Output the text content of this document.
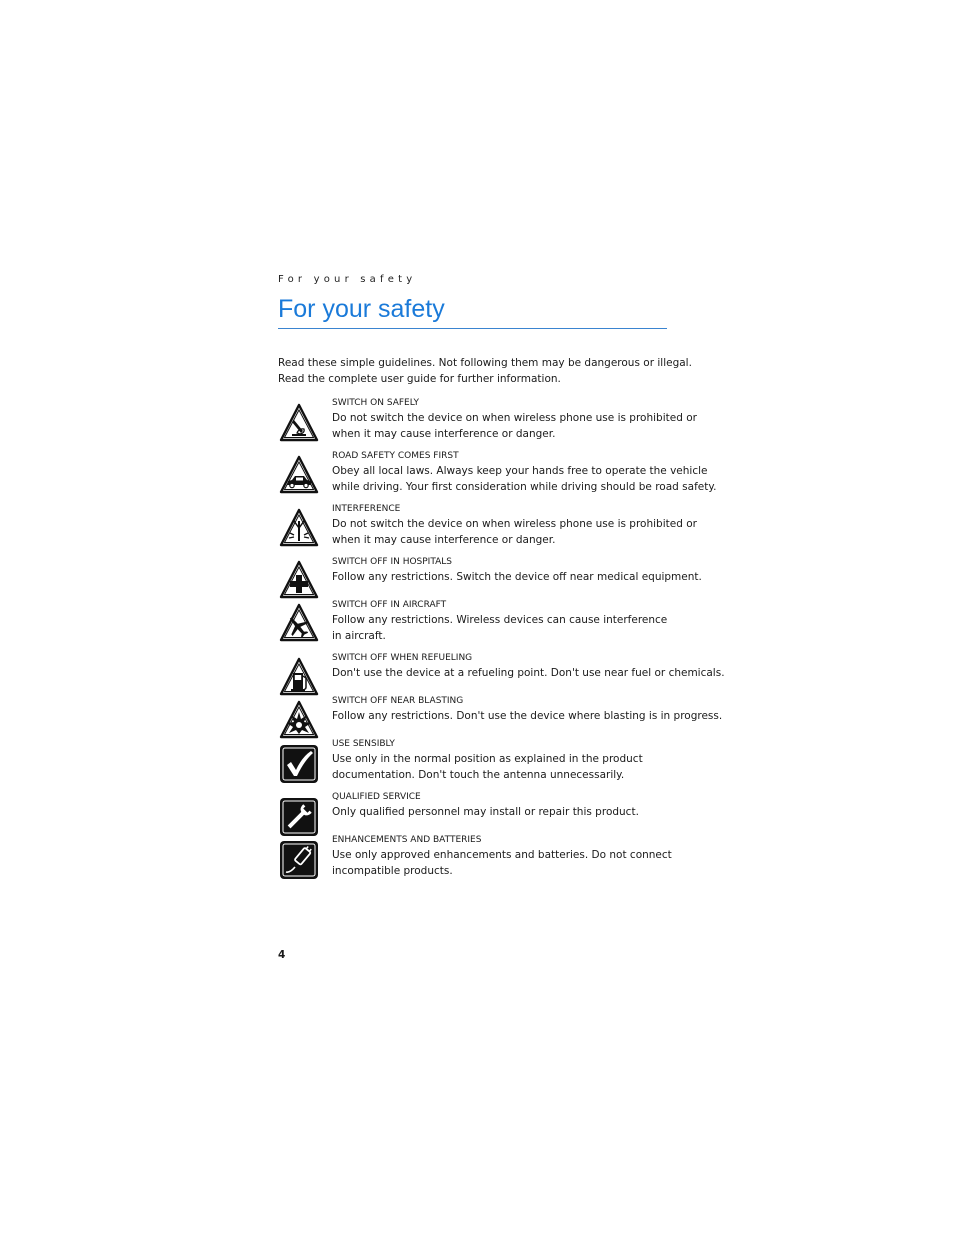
For your safety
For your safety

Read these simple guidelines. Not following them may be dangerous or illegal.

Read the complete user guide for further information.

SWITCH ON SAFELY
Do not switch the device on when wireless phone use is prohibited or
when it may cause interference or danger.
ROAD SAFETY COMES FIRST
Obey all local laws. Always keep your hands free to operate the vehicle
while driving. Your first consideration while driving should be road safety.
INTERFERENCE
Do not switch the device on when wireless phone use is prohibited or
when it may cause interference or danger.
SWITCH OFF IN HOSPITALS
Follow any restrictions. Switch the device off near medical equipment.
SWITCH OFF IN AIRCRAFT
Follow any restrictions. Wireless devices can cause interference
in aircraft.
SWITCH OFF WHEN REFUELING
Don't use the device at a refueling point. Don't use near fuel or chemicals.
SWITCH OFF NEAR BLASTING
Follow any restrictions. Don't use the device where blasting is in progress.
USE SENSIBLY
Use only in the normal position as explained in the product
documentation. Don't touch the antenna unnecessarily.
QUALIFIED SERVICE
Only qualified personnel may install or repair this product.
ENHANCEMENTS AND BATTERIES
Use only approved enhancements and batteries. Do not connect
incompatible products.
4
